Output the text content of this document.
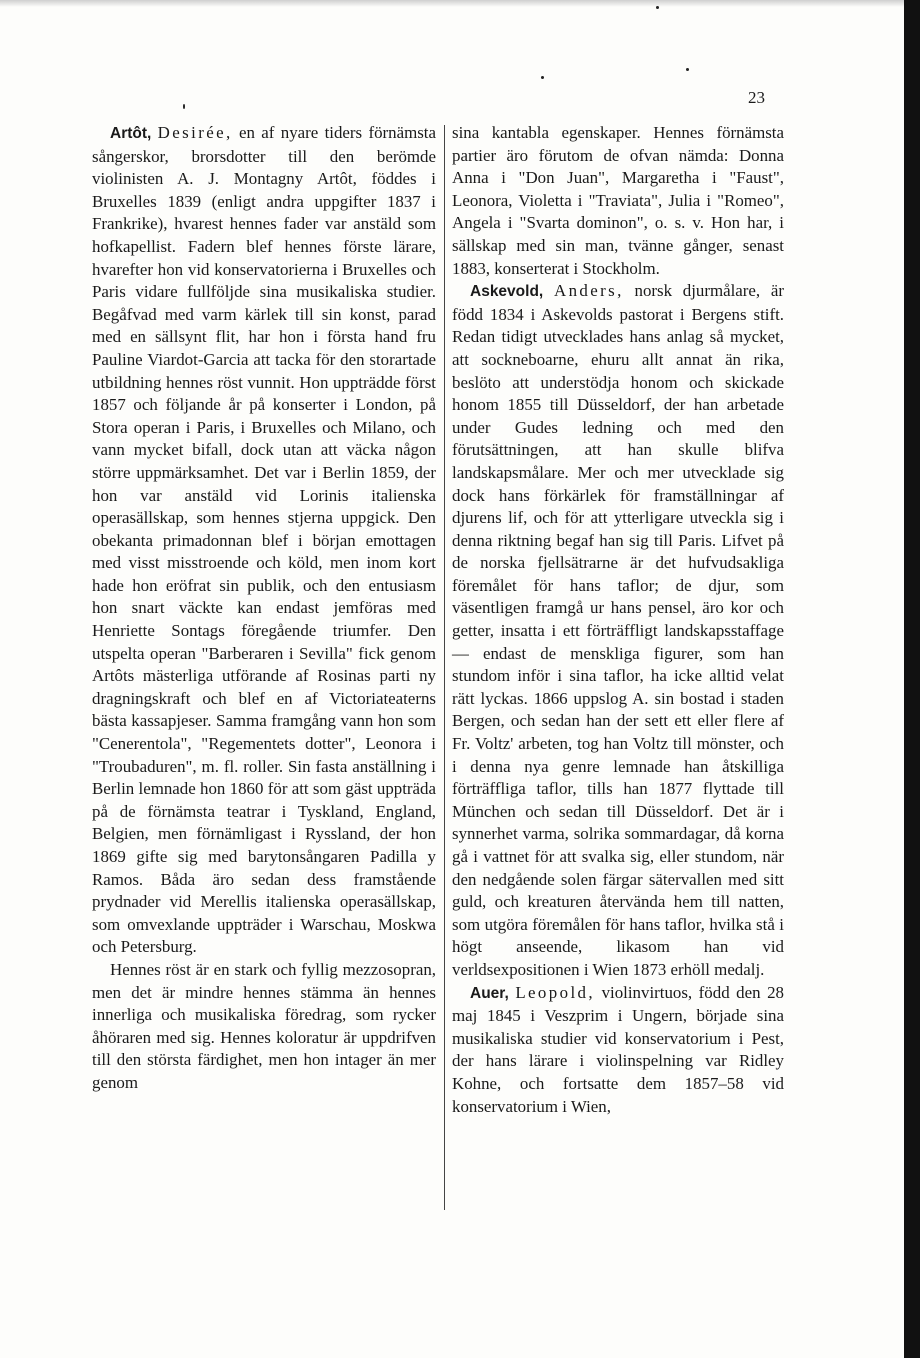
23

Artôt, Desirée, en af nyare tiders förnämsta sångerskor, brorsdotter till den berömde violinisten A. J. Montagny Artôt, föddes i Bruxelles 1839 (enligt andra uppgifter 1837 i Frankrike), hvarest hennes fader var anstäld som hofkapellist. Fadern blef hennes förste lärare, hvarefter hon vid konservatorierna i Bruxelles och Paris vidare fullföljde sina musikaliska studier. Begåfvad med varm kärlek till sin konst, parad med en sällsynt flit, har hon i första hand fru Pauline Viardot-Garcia att tacka för den storartade utbildning hennes röst vunnit. Hon uppträdde först 1857 och följande år på konserter i London, på Stora operan i Paris, i Bruxelles och Milano, och vann mycket bifall, dock utan att väcka någon större uppmärksamhet. Det var i Berlin 1859, der hon var anstäld vid Lorinis italienska operasällskap, som hennes stjerna uppgick. Den obekanta primadonnan blef i början emottagen med visst misstroende och köld, men inom kort hade hon eröfrat sin publik, och den entusiasm hon snart väckte kan endast jemföras med Henriette Sontags föregående triumfer. Den utspelta operan "Barberaren i Sevilla" fick genom Artôts mästerliga utförande af Rosinas parti ny dragningskraft och blef en af Victoriateaterns bästa kassapjeser. Samma framgång vann hon som "Cenerentola", "Regementets dotter", Leonora i "Troubaduren", m. fl. roller. Sin fasta anställning i Berlin lemnade hon 1860 för att som gäst uppträda på de förnämsta teatrar i Tyskland, England, Belgien, men förnämligast i Ryssland, der hon 1869 gifte sig med barytonsångaren Padilla y Ramos. Båda äro sedan dess framstående prydnader vid Merellis italienska operasällskap, som omvexlande uppträder i Warschau, Moskwa och Petersburg.

Hennes röst är en stark och fyllig mezzosopran, men det är mindre hennes stämma än hennes innerliga och musikaliska föredrag, som rycker åhöraren med sig. Hennes koloratur är uppdrifven till den största färdighet, men hon intager än mer genom

sina kantabla egenskaper. Hennes förnämsta partier äro förutom de ofvan nämda: Donna Anna i "Don Juan", Margaretha i "Faust", Leonora, Violetta i "Traviata", Julia i "Romeo", Angela i "Svarta dominon", o. s. v. Hon har, i sällskap med sin man, tvänne gånger, senast 1883, konserterat i Stockholm.

Askevold, Anders, norsk djurmålare, är född 1834 i Askevolds pastorat i Bergens stift. Redan tidigt utvecklades hans anlag så mycket, att sockneboarne, ehuru allt annat än rika, beslöto att understödja honom och skickade honom 1855 till Düsseldorf, der han arbetade under Gudes ledning och med den förutsättningen, att han skulle blifva landskapsmålare. Mer och mer utvecklade sig dock hans förkärlek för framställningar af djurens lif, och för att ytterligare utveckla sig i denna riktning begaf han sig till Paris. Lifvet på de norska fjellsätrarne är det hufvudsakliga föremålet för hans taflor; de djur, som väsentligen framgå ur hans pensel, äro kor och getter, insatta i ett förträffligt landskapsstaffage — endast de menskliga figurer, som han stundom inför i sina taflor, ha icke alltid velat rätt lyckas. 1866 uppslog A. sin bostad i staden Bergen, och sedan han der sett ett eller flere af Fr. Voltz' arbeten, tog han Voltz till mönster, och i denna nya genre lemnade han åtskilliga förträffliga taflor, tills han 1877 flyttade till München och sedan till Düsseldorf. Det är i synnerhet varma, solrika sommardagar, då korna gå i vattnet för att svalka sig, eller stundom, när den nedgående solen färgar sätervallen med sitt guld, och kreaturen återvända hem till natten, som utgöra föremålen för hans taflor, hvilka stå i högt anseende, likasom han vid verldsexpositionen i Wien 1873 erhöll medalj.

Auer, Leopold, violinvirtuos, född den 28 maj 1845 i Veszprim i Ungern, började sina musikaliska studier vid konservatorium i Pest, der hans lärare i violinspelning var Ridley Kohne, och fortsatte dem 1857–58 vid konservatorium i Wien,
